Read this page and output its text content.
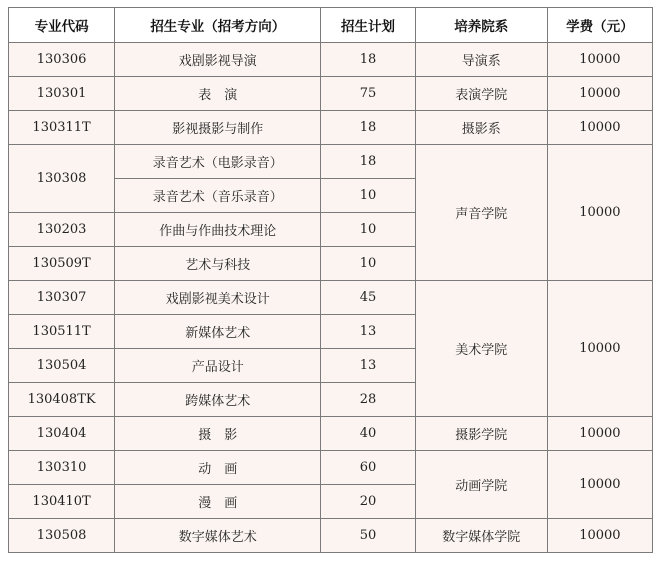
专业代码	招生专业（招考方向）	招生计划	培养院系	学费（元）
130306	戏剧影视导演	18	导演系	10000
130301	表　演	75	表演学院	10000
130311T	影视摄影与制作	18	摄影系	10000
130308	录音艺术（电影录音）	18	声音学院	10000
	录音艺术（音乐录音）	10		
130203	作曲与作曲技术理论	10		
130509T	艺术与科技	10		
130307	戏剧影视美术设计	45	美术学院	10000
130511T	新媒体艺术	13		
130504	产品设计	13		
130408TK	跨媒体艺术	28		
130404	摄　影	40	摄影学院	10000
130310	动　画	60	动画学院	10000
130410T	漫　画	20		
130508	数字媒体艺术	50	数字媒体学院	10000
